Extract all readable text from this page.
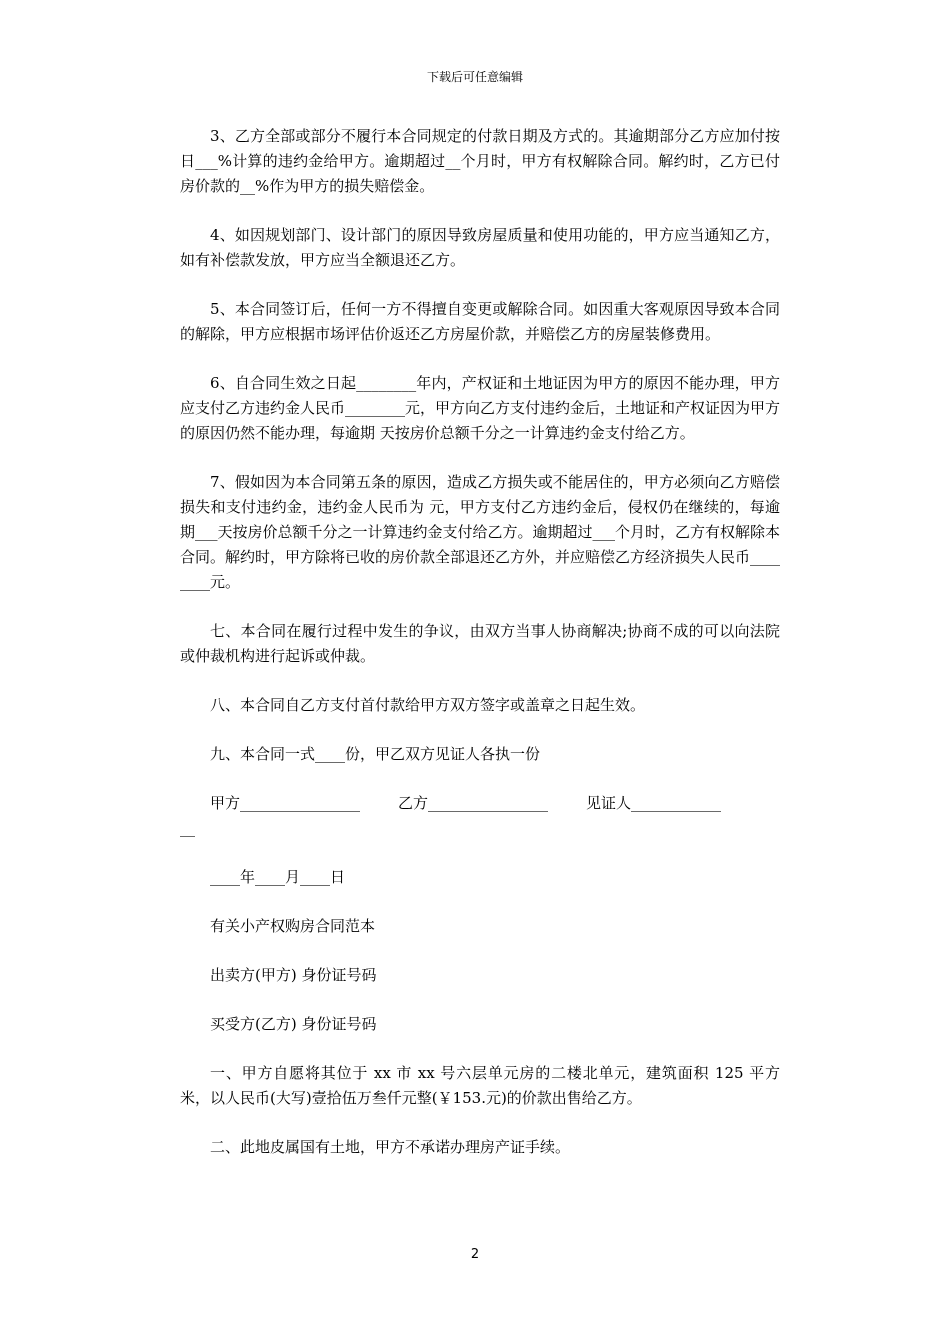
下载后可任意编辑

3、乙方全部或部分不履行本合同规定的付款日期及方式的。其逾期部分乙方应加付按日___%计算的违约金给甲方。逾期超过__个月时，甲方有权解除合同。解约时，乙方已付房价款的__%作为甲方的损失赔偿金。

4、如因规划部门、设计部门的原因导致房屋质量和使用功能的，甲方应当通知乙方，如有补偿款发放，甲方应当全额退还乙方。

5、本合同签订后，任何一方不得擅自变更或解除合同。如因重大客观原因导致本合同的解除，甲方应根据市场评估价返还乙方房屋价款，并赔偿乙方的房屋装修费用。

6、自合同生效之日起________年内，产权证和土地证因为甲方的原因不能办理，甲方应支付乙方违约金人民币________元，甲方向乙方支付违约金后，土地证和产权证因为甲方的原因仍然不能办理，每逾期 天按房价总额千分之一计算违约金支付给乙方。

7、假如因为本合同第五条的原因，造成乙方损失或不能居住的，甲方必须向乙方赔偿损失和支付违约金，违约金人民币为 元，甲方支付乙方违约金后，侵权仍在继续的，每逾期___天按房价总额千分之一计算违约金支付给乙方。逾期超过___个月时，乙方有权解除本合同。解约时，甲方除将已收的房价款全部退还乙方外，并应赔偿乙方经济损失人民币________元。

七、本合同在履行过程中发生的争议，由双方当事人协商解决;协商不成的可以向法院或仲裁机构进行起诉或仲裁。

八、本合同自乙方支付首付款给甲方双方签字或盖章之日起生效。

九、本合同一式____份，甲乙双方见证人各执一份

甲方________________	乙方________________	见证人____________
__

____年____月____日

有关小产权购房合同范本

出卖方(甲方) 身份证号码

买受方(乙方) 身份证号码

一、甲方自愿将其位于 xx 市 xx 号六层单元房的二楼北单元，建筑面积 125 平方米，以人民币(大写)壹拾伍万叁仟元整(￥153.元)的价款出售给乙方。

二、此地皮属国有土地，甲方不承诺办理房产证手续。

2
